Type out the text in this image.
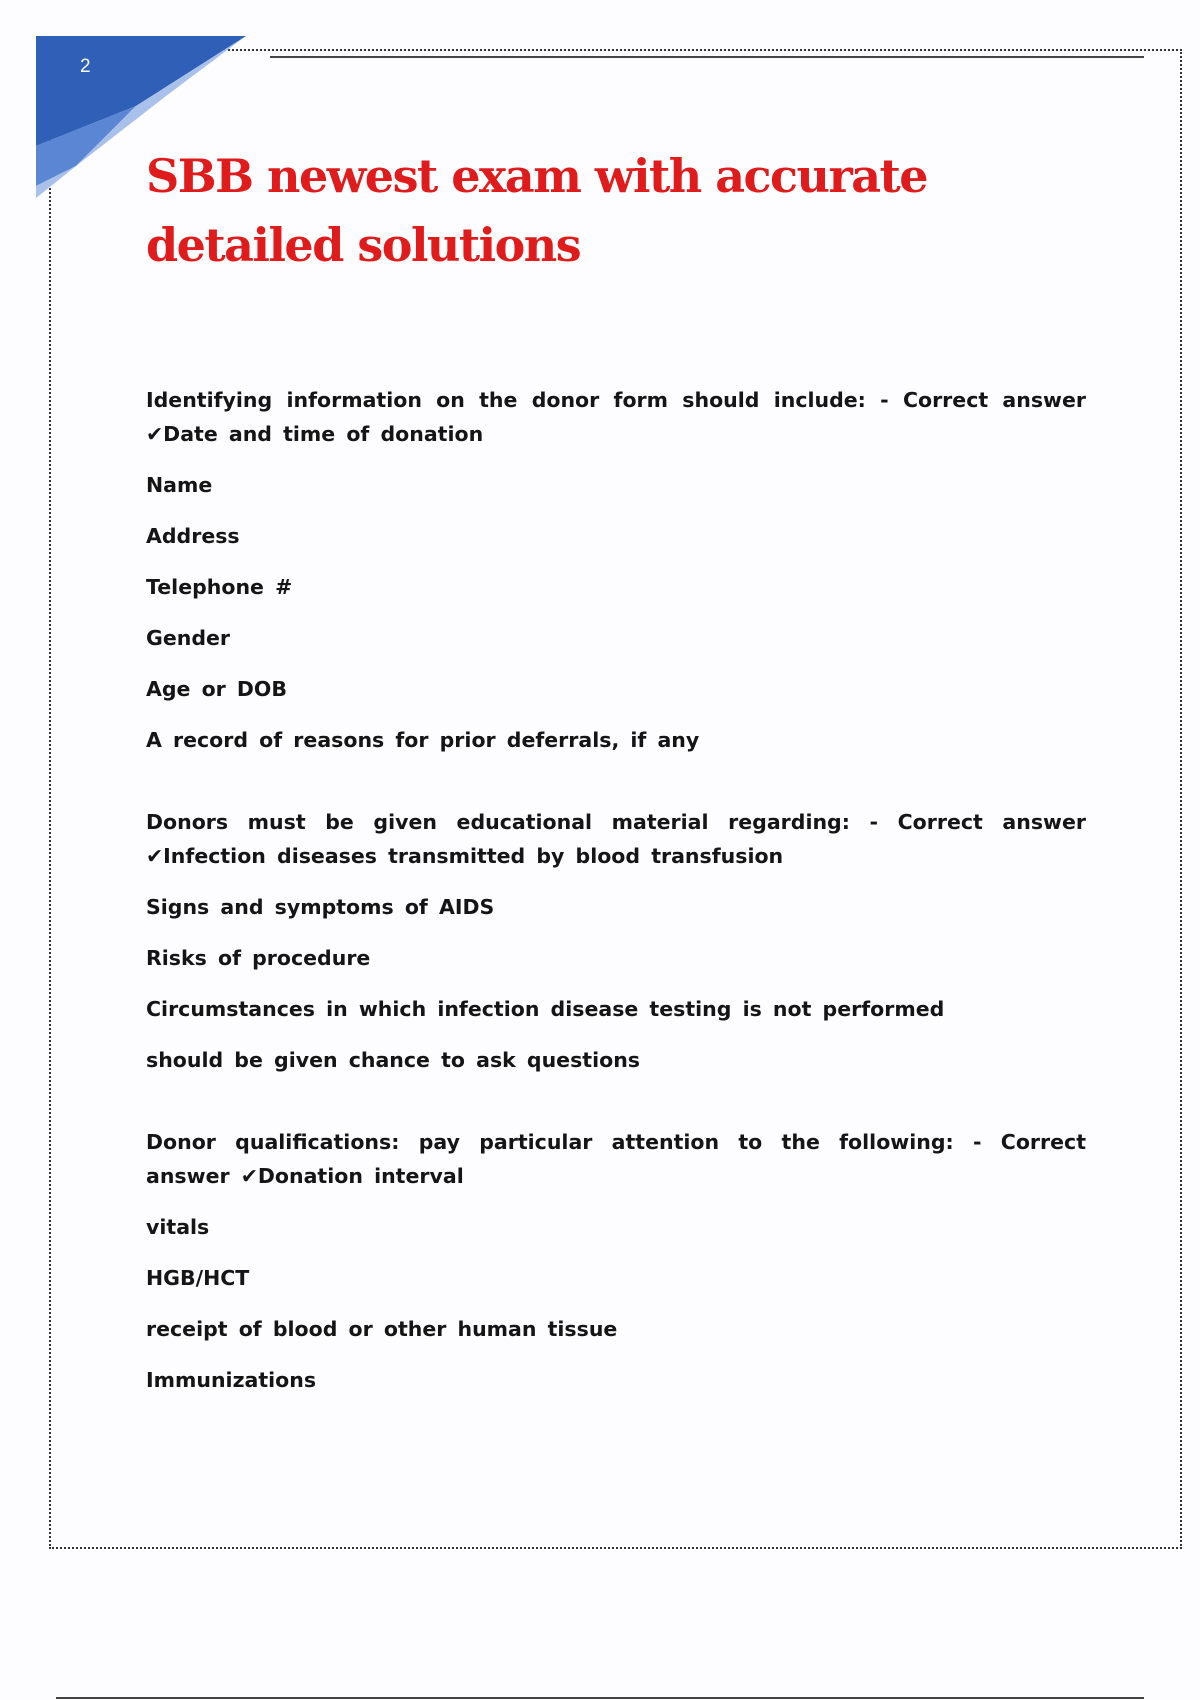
2
SBB newest exam with accurate detailed solutions

Identifying information on the donor form should include: - Correct answer ✔Date and time of donation

Name

Address

Telephone #

Gender

Age or DOB

A record of reasons for prior deferrals, if any

Donors must be given educational material regarding: - Correct answer ✔Infection diseases transmitted by blood transfusion

Signs and symptoms of AIDS

Risks of procedure

Circumstances in which infection disease testing is not performed

should be given chance to ask questions

Donor qualifications: pay particular attention to the following: - Correct answer ✔Donation interval

vitals

HGB/HCT

receipt of blood or other human tissue

Immunizations
